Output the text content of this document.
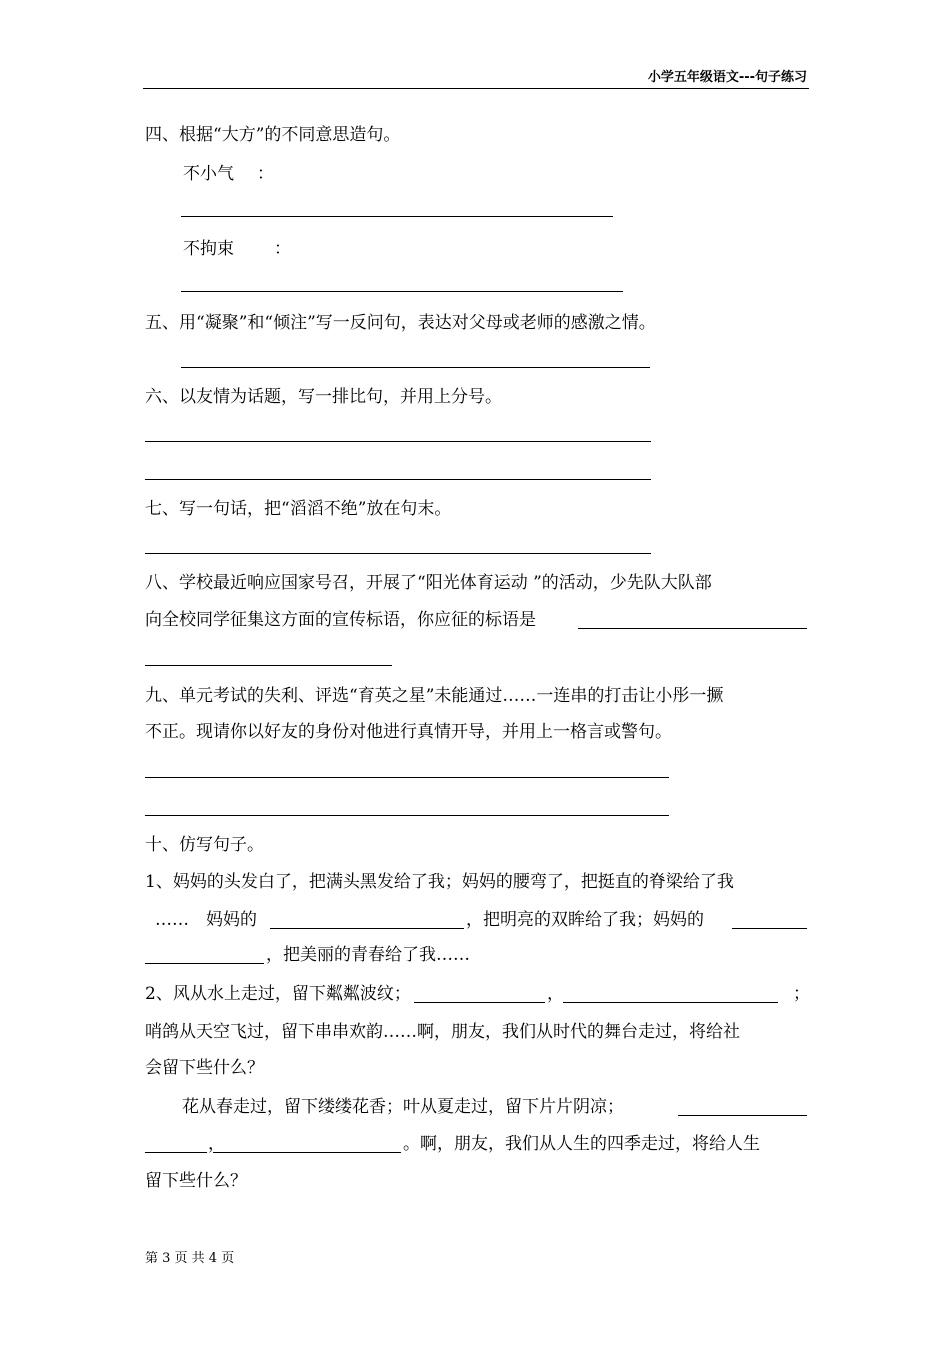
小学五年级语文---句子练习
四、根据“大方”的不同意思造句。
不小气 ：
不拘束 ：
五、用“凝聚”和“倾注”写一反问句，表达对父母或老师的感激之情。
六、以友情为话题，写一排比句，并用上分号。
七、写一句话，把“滔滔不绝”放在句末。
八、学校最近响应国家号召，开展了“阳光体育运动 ”的活动，少先队大队部
向全校同学征集这方面的宣传标语，你应征的标语是
九、单元考试的失利、评选“育英之星”未能通过……一连串的打击让小彤一撅
不正。现请你以好友的身份对他进行真情开导，并用上一格言或警句。
十、仿写句子。
1、妈妈的头发白了，把满头黑发给了我；妈妈的腰弯了，把挺直的脊梁给了我
……　妈妈的	，把明亮的双眸给了我；妈妈的
，把美丽的青春给了我……
2、风从水上走过，留下粼粼波纹；	，	；
哨鸽从天空飞过，留下串串欢韵……啊，朋友，我们从时代的舞台走过，将给社
会留下些什么？
花从春走过，留下缕缕花香；叶从夏走过，留下片片阴凉；
，	。啊，朋友，我们从人生的四季走过，将给人生
留下些什么？
第 3 页 共 4 页
